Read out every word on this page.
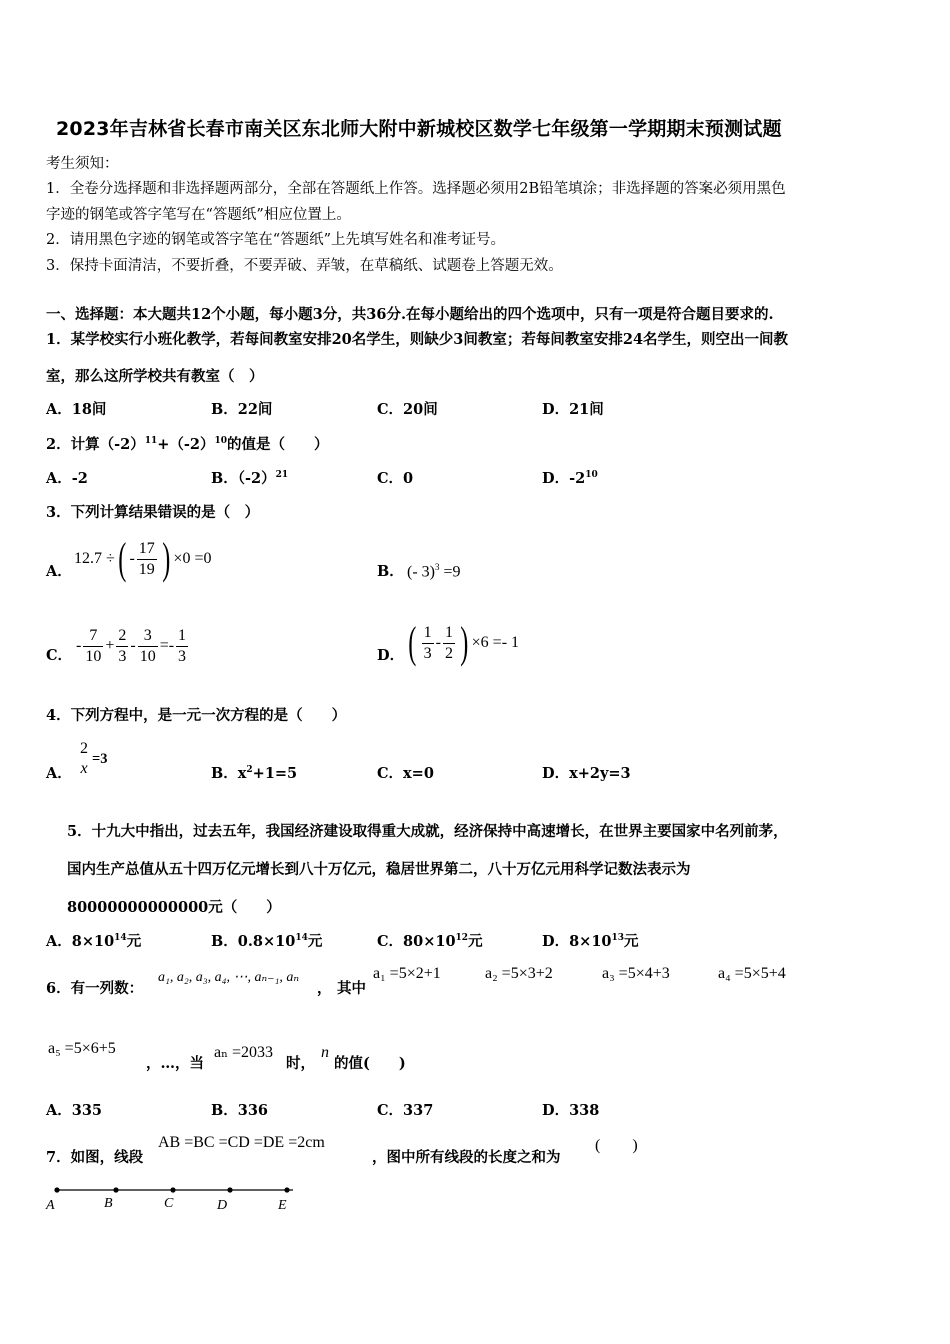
2023年吉林省长春市南关区东北师大附中新城校区数学七年级第一学期期末预测试题
考生须知：
1．全卷分选择题和非选择题两部分，全部在答题纸上作答。选择题必须用2B铅笔填涂；非选择题的答案必须用黑色
字迹的钢笔或答字笔写在“答题纸”相应位置上。
2．请用黑色字迹的钢笔或答字笔在“答题纸”上先填写姓名和准考证号。
3．保持卡面清洁，不要折叠，不要弄破、弄皱，在草稿纸、试题卷上答题无效。
一、选择题：本大题共12个小题，每小题3分，共36分.在每小题给出的四个选项中，只有一项是符合题目要求的.
1．某学校实行小班化教学，若每间教室安排20名学生，则缺少3间教室；若每间教室安排24名学生，则空出一间教
室，那么这所学校共有教室（　）
A．18间	B．22间	C．20间	D．21间
2．计算$(-2)^{11}+(-2)^{10}$的值是（　　）
A．-2	B．$(-2)^{21}$	C．0	D．$-2^{10}$
3．下列计算结果错误的是（　）
A．
12.7 ÷ ( - $\frac{17}{19}$ ) ×0 =0
B． (- 3)$^3$ =9
C．
- $\frac{7}{10} + \frac{2}{3} - \frac{3}{10} =- \frac{1}{3}$	D． ( $\frac{1}{3} - \frac{1}{2}$ ) ×6 =- 1
4．下列方程中，是一元一次方程的是（　　）
A．
2
x
=3
B．$x^2+1=5$	C．x=0	D．x+2y=3
5．十九大中指出，过去五年，我国经济建设取得重大成就，经济保持中高速增长，在世界主要国家中名列前茅，
国内生产总值从五十四万亿元增长到八十万亿元，稳居世界第二，八十万亿元用科学记数法表示为
80000000000000元（　　）
A．$8\times 10^{14}$元	B．$0.8\times 10^{14}$元	C．$80\times 10^{12}$元	D．$8\times 10^{13}$元
6．有一列数：
a₁, a₂, a₃, a₄, ⋯, aₙ₋₁, aₙ
， 其中
a₁ =5×2+1	a₂ =5×3+2	a₃ =5×4+3	a₄ =5×5+4
a₅ =5×6+5
，…，当
aₙ =2033
时，
n
的值(　　)
A．335	B．336	C．337	D．338
7．如图，线段
AB =BC =CD =DE =2cm
，图中所有线段的长度之和为
(　　)
A	B	C	D	E
